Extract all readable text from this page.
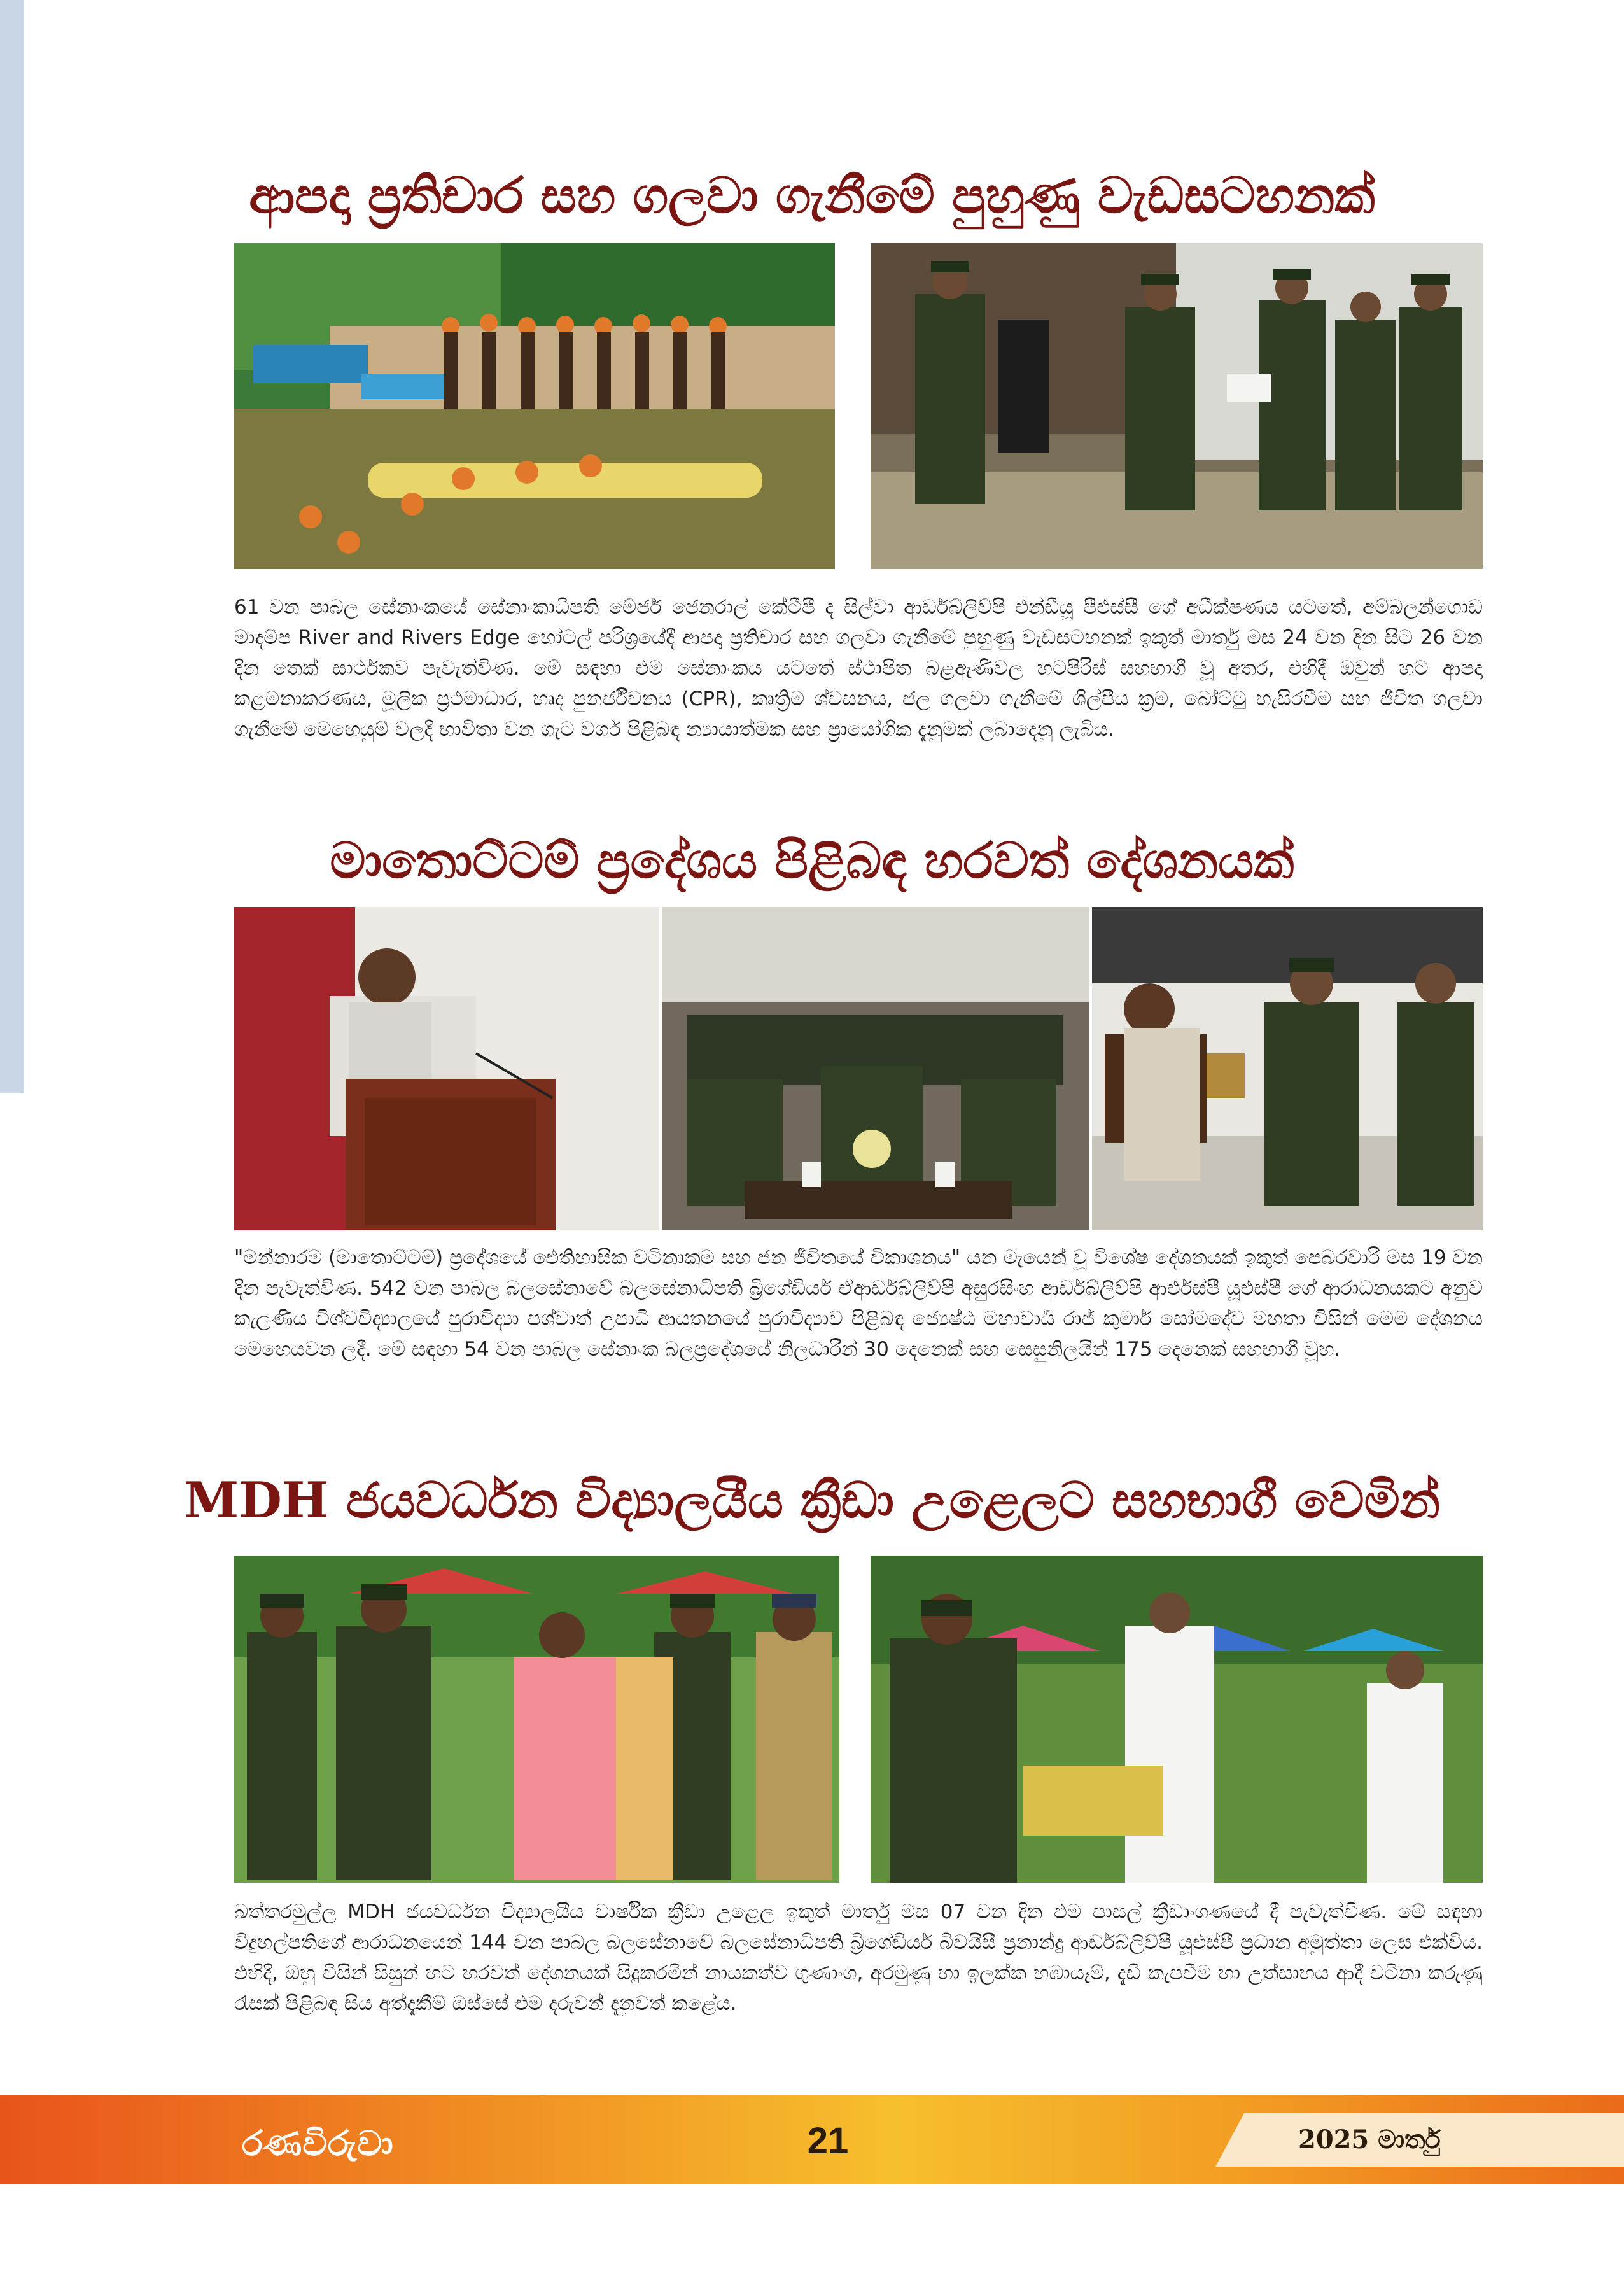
ආපදා ප්‍රතිචාර සහ ගලවා ගැනීමේ පුහුණු වැඩසටහනක්
61 වන පාබල සේනාංකයේ සේනාංකාධිපති මේජර් ජෙනරාල් කේටීපී ද සිල්වා ආර්ඩබ්ලිව්පී එන්ඩීයූ පීඑස්සී ගේ අධීක්ෂණය යටතේ, අම්බලන්ගොඩ මාදම්ප River and Rivers Edge හෝටල් පරිශ්‍රයේදී ආපදා ප්‍රතිචාර සහ ගලවා ගැනීමේ පුහුණු වැඩසටහනක් ඉකුත් මාර්තු මස 24 වන දින සිට 26 වන දින තෙක් සාර්ථකව පැවැත්විණ. මේ සඳහා එම සේනාංකය යටතේ ස්ථාපිත බළඇණිවල හටපිරිස් සහභාගී වූ අතර, එහිදී ඔවුන් හට ආපදා කළමනාකරණය, මූලික ප්‍රථමාධාර, හෘද පුනර්ජීවනය (CPR), කෘත්‍රිම ශ්වසනය, ජල ගලවා ගැනීමේ ශිල්පීය ක්‍රම, බෝට්ටු හැසිරවීම සහ ජීවිත ගලවා ගැනීමේ මෙහෙයුම් වලදී භාවිතා වන ගැට වර්ග පිළිබඳ න්‍යායාත්මක සහ ප්‍රායෝගික දැනුමක් ලබාදෙනු ලැබිය.
මාතොට්ටම් ප්‍රදේශය පිළිබඳ හරවත් දේශනයක්
"මන්නාරම (මාතොට්ටම්) ප්‍රදේශයේ ඓතිහාසික වටිනාකම සහ ජන ජීවිතයේ විකාශනය" යන මැයෙන් වූ විශේෂ දේශනයක් ඉකුත් පෙබරවාරි මස 19 වන දින පැවැත්විණ. 542 වන පාබල බලසේනාවේ බලසේනාධිපති බ්‍රිගේඩියර් ඒආර්ඩබ්ලිව්පී අසුරසිංහ ආර්ඩබ්ලිව්පී ආර්එස්පී යූඑස්පී ගේ ආරාධනයකට අනුව කැලණිය විශ්වවිද්‍යාලයේ පුරාවිද්‍යා පශ්චාත් උපාධි ආයතනයේ පුරාවිද්‍යාව පිළිබඳ ජ්‍යෙෂ්ඨ මහාචාර්‍ය රාජ් කුමාර් සෝමදේව මහතා විසින් මෙම දේශනය මෙහෙයවන ලදී. මේ සඳහා 54 වන පාබල සේනාංක බලප්‍රදේශයේ නිලධාරීන් 30 දෙනෙක් සහ සෙසුනිලයින් 175 දෙනෙක් සහභාගී වූහ.
MDH ජයවර්ධන විද්‍යාලයීය ක්‍රීඩා උළෙලට සහභාගී වෙමින්
බත්තරමුල්ල MDH ජයවර්ධන විද්‍යාලයීය වාර්ෂික ක්‍රීඩා උළෙල ඉකුත් මාර්තු මස 07 වන දින එම පාසල් ක්‍රීඩාංගණයේ දී පැවැත්විණ. මේ සඳහා විදුහල්පතිගේ ආරාධනයෙන් 144 වන පාබල බලසේනාවේ බලසේනාධිපති බ්‍රිගේඩියර් බීවයිසී ප්‍රනාන්දු ආර්ඩබ්ලිව්පී යූඑස්පී ප්‍රධාන අමුත්තා ලෙස එක්විය. එහිදී, ඔහු විසින් සිසුන් හට හරවත් දේශනයක් සිදුකරමින් නායකත්ව ගුණාංග, අරමුණු හා ඉලක්ක හඹායෑම්, දැඩි කැපවීම හා උත්සාහය ආදී වටිනා කරුණු රැසක් පිළිබඳ සිය අත්දැකීම් ඔස්සේ එම දරුවන් දැනුවත් කළේය.
රණවිරුවා	21	2025 මාර්තු
